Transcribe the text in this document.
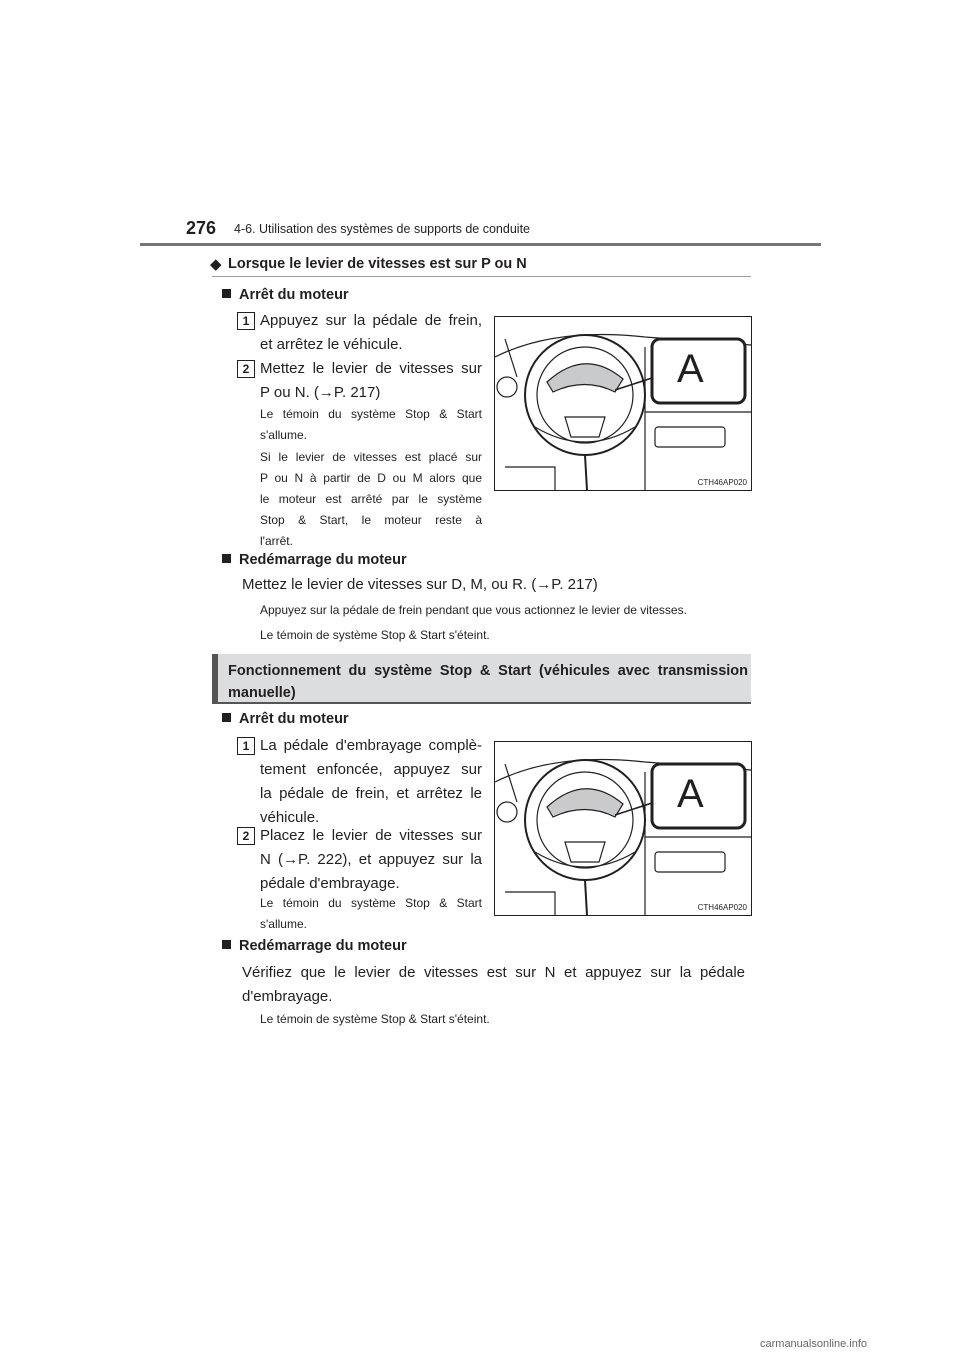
276 4-6. Utilisation des systèmes de supports de conduite
◆ Lorsque le levier de vitesses est sur P ou N
Arrêt du moteur
1 Appuyez sur la pédale de frein,
et arrêtez le véhicule.
2 Mettez le levier de vitesses sur
P ou N. (→P. 217)
Le témoin du système Stop & Start
s'allume.
Si le levier de vitesses est placé sur
P ou N à partir de D ou M alors que
le moteur est arrêté par le système
Stop & Start, le moteur reste à
l'arrêt.
A
CTH46AP020
Redémarrage du moteur
Mettez le levier de vitesses sur D, M, ou R. (→P. 217)
Appuyez sur la pédale de frein pendant que vous actionnez le levier de vitesses.
Le témoin de système Stop & Start s'éteint.
Fonctionnement du système Stop & Start (véhicules avec transmission manuelle)
Arrêt du moteur
1 La pédale d'embrayage complè-
tement enfoncée, appuyez sur
la pédale de frein, et arrêtez le
véhicule.
2 Placez le levier de vitesses sur
N (→P. 222), et appuyez sur la
pédale d'embrayage.
Le témoin du système Stop & Start
s'allume.
A
CTH46AP020
Redémarrage du moteur
Vérifiez que le levier de vitesses est sur N et appuyez sur la pédale
d'embrayage.
Le témoin de système Stop & Start s'éteint.
carmanualsonline.info
